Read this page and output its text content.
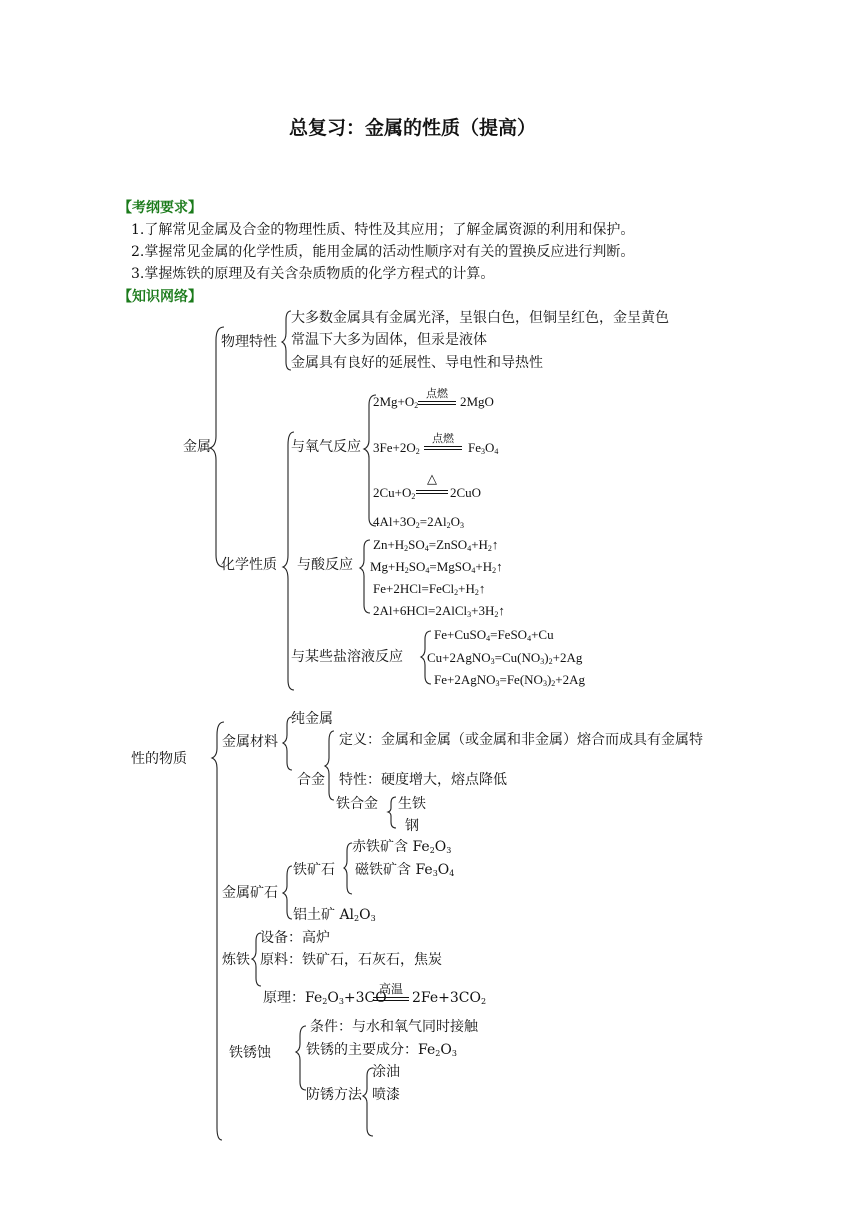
总复习：金属的性质（提高）
【考纲要求】
1.了解常见金属及合金的物理性质、特性及其应用；了解金属资源的利用和保护。
2.掌握常见金属的化学性质，能用金属的活动性顺序对有关的置换反应进行判断。
3.掌握炼铁的原理及有关含杂质物质的化学方程式的计算。
【知识网络】
金属
物理特性
大多数金属具有金属光泽，呈银白色，但铜呈红色，金呈黄色
常温下大多为固体，但汞是液体
金属具有良好的延展性、导电性和导热性
化学性质
与氧气反应
与酸反应
与某些盐溶液反应
$2Mg+O_2$
点燃
2MgO
$3Fe+2O_2$
点燃
$Fe_3O_4$
$2Cu+O_2$
△
2CuO
$4Al+3O_2=2Al_2O_3$
$Zn+H_2SO_4=ZnSO_4+H_2↑$
$Mg+H_2SO_4=MgSO_4+H_2↑$
$Fe+2HCl=FeCl_2+H_2↑$
$2Al+6HCl=2AlCl_3+3H_2↑$
Fe+CuSO$_4$=FeSO$_4$+Cu
$Cu+2AgNO_3=Cu(NO_3)_2+2Ag$
$Fe+2AgNO_3=Fe(NO_3)_2+2Ag$
性的物质
金属材料
纯金属
合金
定义：金属和金属（或金属和非金属）熔合而成具有金属特
特性：硬度增大，熔点降低
铁合金 生铁
钢
金属矿石
铁矿石
赤铁矿含 $Fe_2O_3$
磁铁矿含 $Fe_3O_4$
铝土矿 $Al_2O_3$
炼铁
设备：高炉
原料：铁矿石，石灰石，焦炭
原理：$Fe_2O_3+3CO$
高温
$2Fe+3CO_2$
铁锈蚀
条件：与水和氧气同时接触
铁锈的主要成分：$Fe_2O_3$
防锈方法
涂油
喷漆
